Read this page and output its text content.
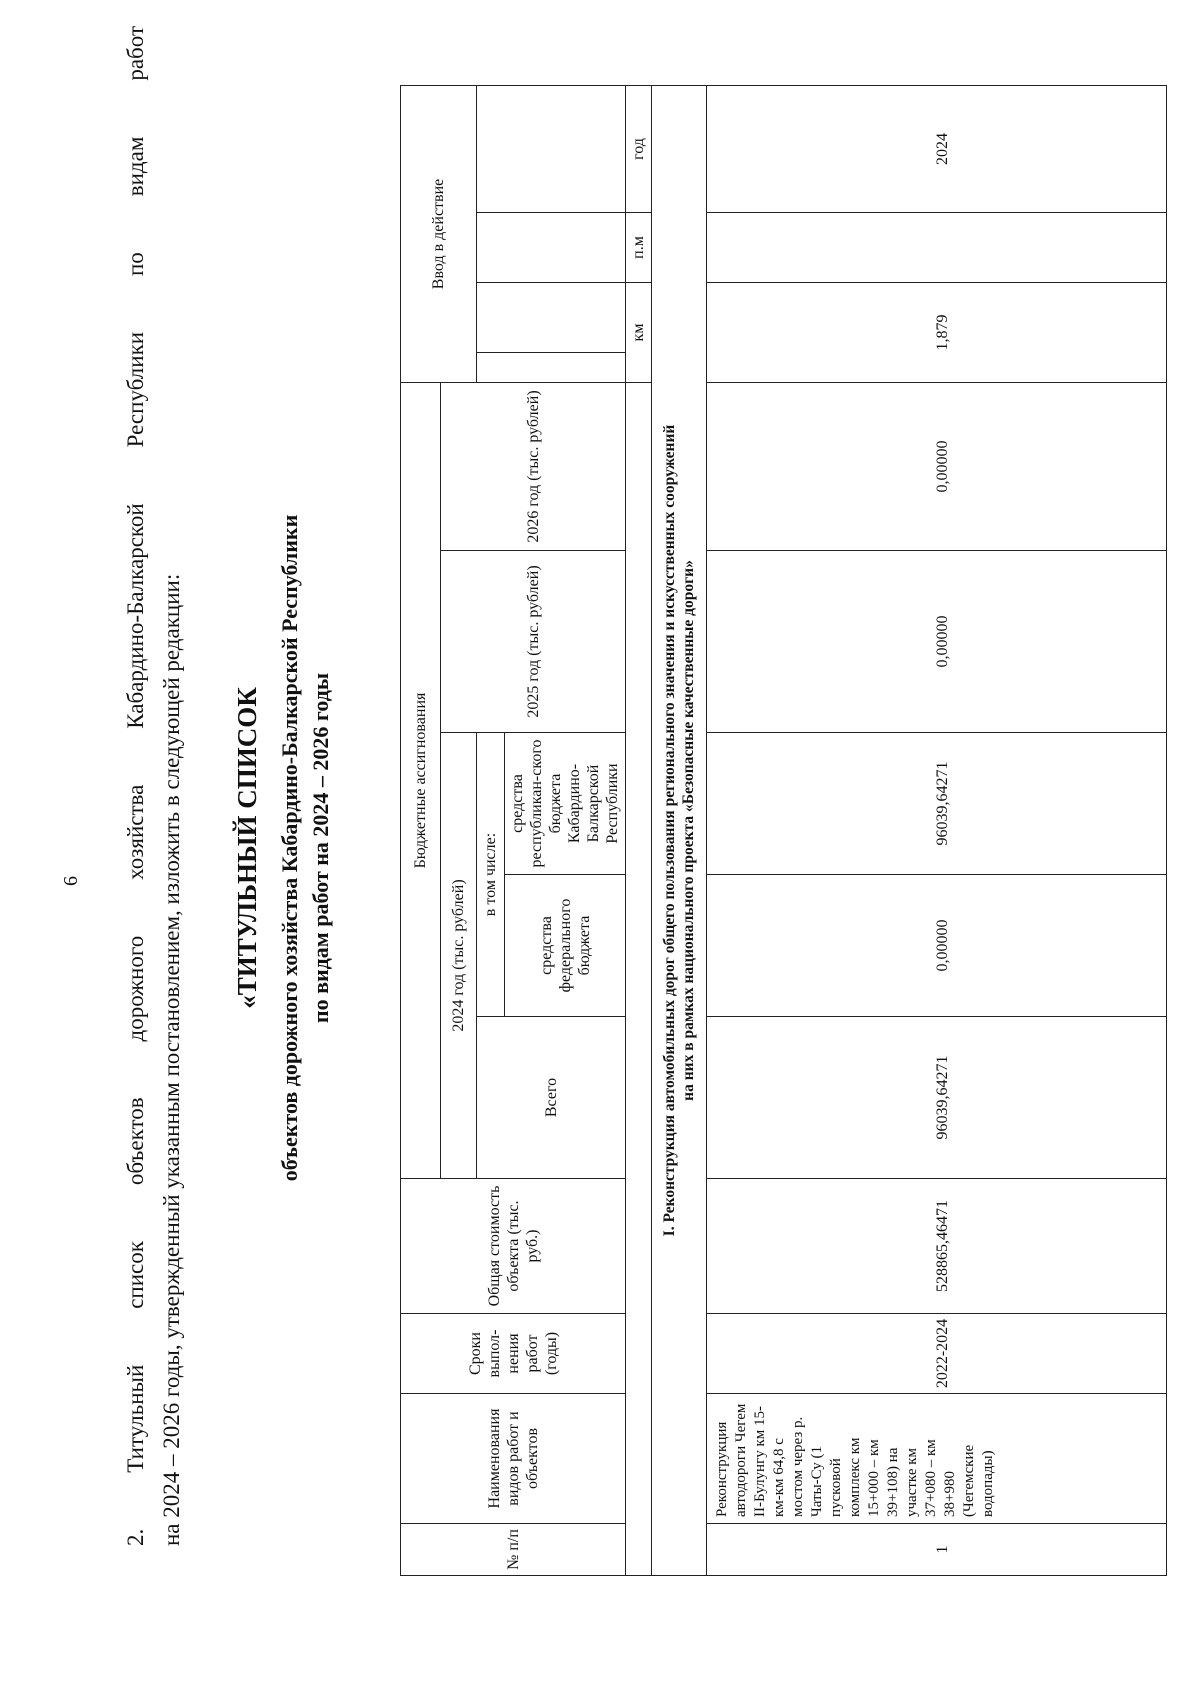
6 2. Титульный список объектов дорожного хозяйства Кабардино-Балкарской Республики по видам работ на 2024 – 2026 годы, утвержденный указанным постановлением, изложить в следующей редакции: «ТИТУЛЬНЫЙ СПИСОК объектов дорожного хозяйства Кабардино-Балкарской Республики по видам работ на 2024 – 2026 годы
№ п/п	Наименования видов работ и объектов	Сроки выпол-нения работ (годы)	Общая стоимость объекта (тыс. руб.)	Бюджетные ассигнования					Ввод в действие			
				2024 год (тыс. рублей)			2025 год (тыс. рублей)	2026 год (тыс. рублей)				
				Всего	в том числе:							
					средства федерального бюджета	средства республикан-ского бюджета Кабардино-Балкарской Республики						
									км		п.м	год

I. Реконструкция автомобильных дорог общего пользования регионального значения и искусственных сооружений на них в рамках национального проекта «Безопасные качественные дороги»												

1	Реконструкция автодороги Чегем II-Булунгу км 15-км-км 64,8 с мостом через р. Чаты-Су (1 пусковой комплекс км 15+000 – км 39+108) на участке км 37+080 – км 38+980 (Чегемские водопады)	2022-2024	528865,46471	96039,64271	0,00000	96039,64271	0,00000	0,00000	1,879			2024
